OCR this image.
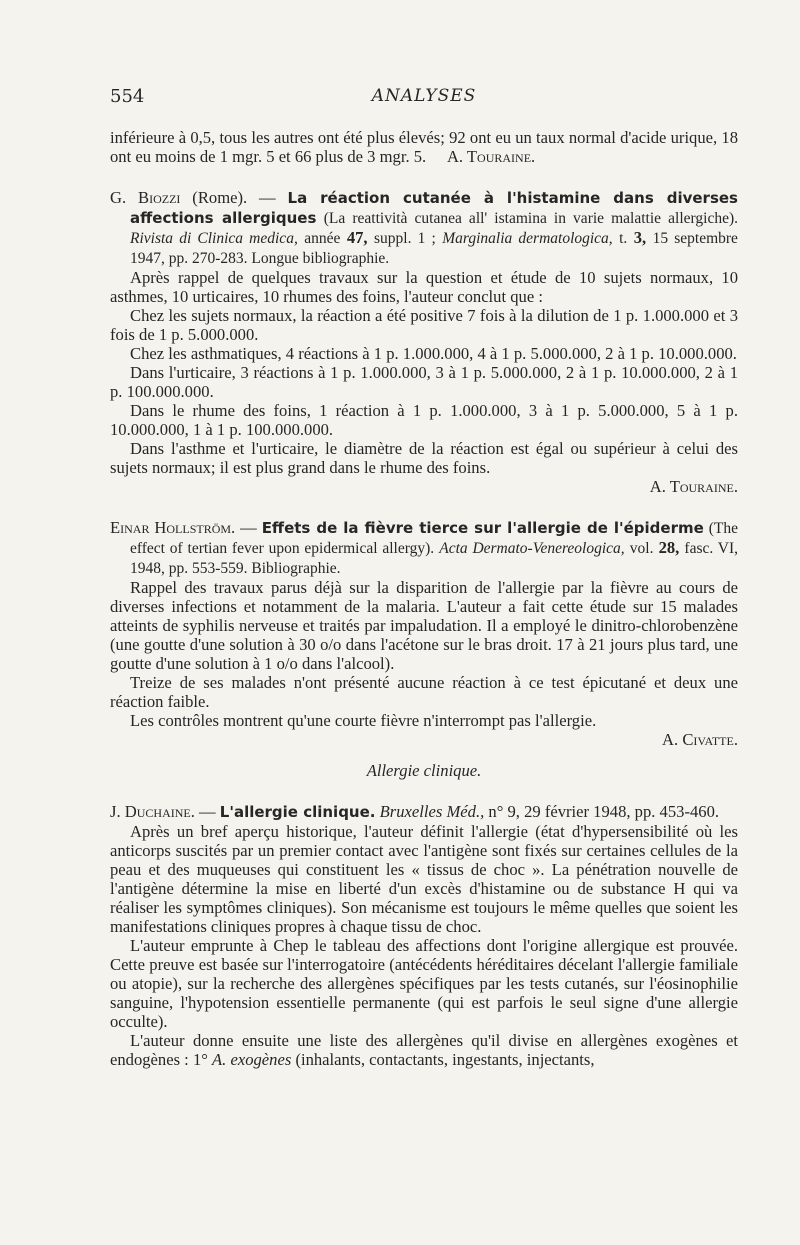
554	ANALYSES

inférieure à 0,5, tous les autres ont été plus élevés; 92 ont eu un taux normal d'acide urique, 18 ont eu moins de 1 mgr. 5 et 66 plus de 3 mgr. 5. A. Touraine.

G. Biozzi (Rome). — La réaction cutanée à l'histamine dans diverses affections allergiques (La reattività cutanea all' istamina in varie malattie allergiche). Rivista di Clinica medica, année 47, suppl. 1 ; Marginalia dermatologica, t. 3, 15 septembre 1947, pp. 270-283. Longue bibliographie.

Après rappel de quelques travaux sur la question et étude de 10 sujets normaux, 10 asthmes, 10 urticaires, 10 rhumes des foins, l'auteur conclut que :

Chez les sujets normaux, la réaction a été positive 7 fois à la dilution de 1 p. 1.000.000 et 3 fois de 1 p. 5.000.000.

Chez les asthmatiques, 4 réactions à 1 p. 1.000.000, 4 à 1 p. 5.000.000, 2 à 1 p. 10.000.000.

Dans l'urticaire, 3 réactions à 1 p. 1.000.000, 3 à 1 p. 5.000.000, 2 à 1 p. 10.000.000, 2 à 1 p. 100.000.000.

Dans le rhume des foins, 1 réaction à 1 p. 1.000.000, 3 à 1 p. 5.000.000, 5 à 1 p. 10.000.000, 1 à 1 p. 100.000.000.

Dans l'asthme et l'urticaire, le diamètre de la réaction est égal ou supérieur à celui des sujets normaux; il est plus grand dans le rhume des foins.

A. Touraine.

Einar Hollström. — Effets de la fièvre tierce sur l'allergie de l'épiderme (The effect of tertian fever upon epidermical allergy). Acta Dermato-Venereologica, vol. 28, fasc. VI, 1948, pp. 553-559. Bibliographie.

Rappel des travaux parus déjà sur la disparition de l'allergie par la fièvre au cours de diverses infections et notamment de la malaria. L'auteur a fait cette étude sur 15 malades atteints de syphilis nerveuse et traités par impaludation. Il a employé le dinitro-chlorobenzène (une goutte d'une solution à 30 o/o dans l'acétone sur le bras droit. 17 à 21 jours plus tard, une goutte d'une solution à 1 o/o dans l'alcool).

Treize de ses malades n'ont présenté aucune réaction à ce test épicutané et deux une réaction faible.

Les contrôles montrent qu'une courte fièvre n'interrompt pas l'allergie.

A. Civatte.

Allergie clinique.

J. Duchaine. — L'allergie clinique. Bruxelles Méd., n° 9, 29 février 1948, pp. 453-460.

Après un bref aperçu historique, l'auteur définit l'allergie (état d'hypersensibilité où les anticorps suscités par un premier contact avec l'antigène sont fixés sur certaines cellules de la peau et des muqueuses qui constituent les « tissus de choc ». La pénétration nouvelle de l'antigène détermine la mise en liberté d'un excès d'histamine ou de substance H qui va réaliser les symptômes cliniques). Son mécanisme est toujours le même quelles que soient les manifestations cliniques propres à chaque tissu de choc.

L'auteur emprunte à Chep le tableau des affections dont l'origine allergique est prouvée. Cette preuve est basée sur l'interrogatoire (antécédents héréditaires décelant l'allergie familiale ou atopie), sur la recherche des allergènes spécifiques par les tests cutanés, sur l'éosinophilie sanguine, l'hypotension essentielle permanente (qui est parfois le seul signe d'une allergie occulte).

L'auteur donne ensuite une liste des allergènes qu'il divise en allergènes exogènes et endogènes : 1° A. exogènes (inhalants, contactants, ingestants, injectants,
